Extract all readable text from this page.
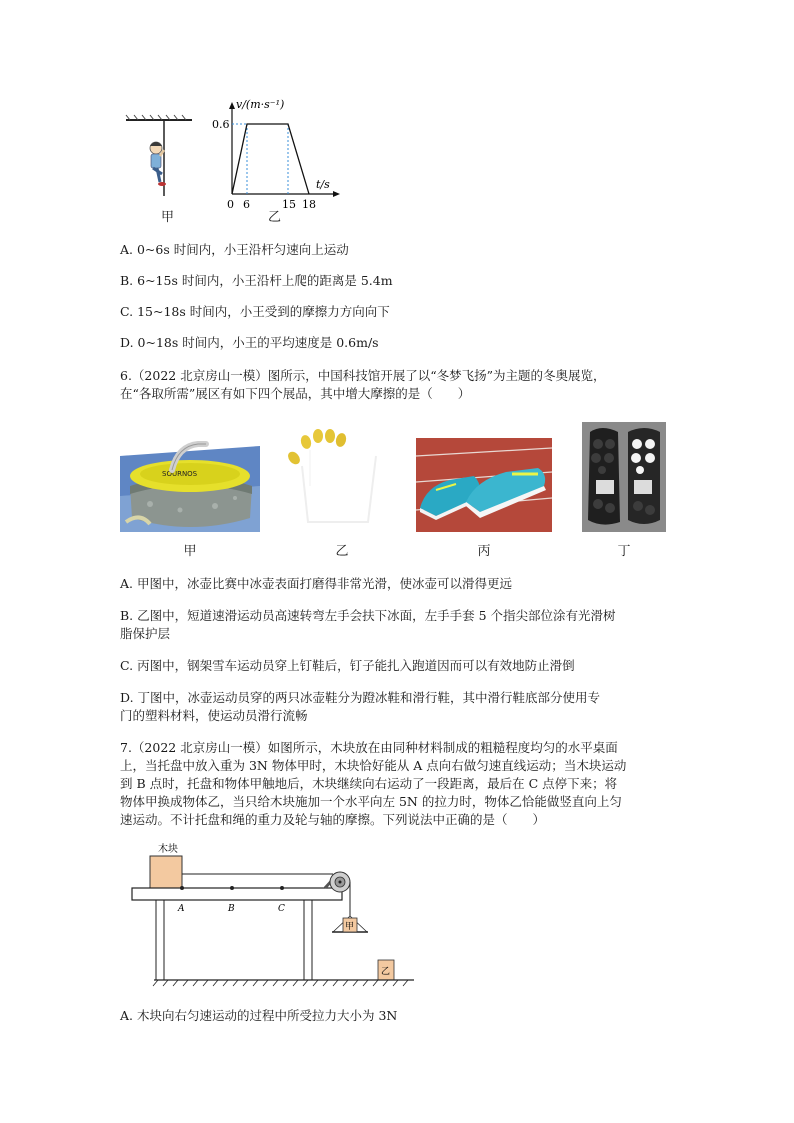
甲
v/(m·s⁻¹)
0.6
t/s
0 6	15 18
乙
A. 0~6s 时间内，小王沿杆匀速向上运动
B. 6~15s 时间内，小王沿杆上爬的距离是 5.4m
C. 15~18s 时间内，小王受到的摩擦力方向向下
D. 0~18s 时间内，小王的平均速度是 0.6m/s
6.（2022 北京房山一模）图所示，中国科技馆开展了以“冬梦飞扬”为主题的冬奥展览，
在“各取所需”展区有如下四个展品，其中增大摩擦的是（　　）
SOURNOS
甲	乙	丙	丁
A. 甲图中，冰壶比赛中冰壶表面打磨得非常光滑，使冰壶可以滑得更远
B. 乙图中，短道速滑运动员高速转弯左手会扶下冰面，左手手套 5 个指尖部位涂有光滑树
脂保护层
C. 丙图中，钢架雪车运动员穿上钉鞋后，钉子能扎入跑道因而可以有效地防止滑倒
D. 丁图中，冰壶运动员穿的两只冰壶鞋分为蹬冰鞋和滑行鞋，其中滑行鞋底部分使用专
门的塑料材料，使运动员滑行流畅
7.（2022 北京房山一模）如图所示，木块放在由同种材料制成的粗糙程度均匀的水平桌面
上，当托盘中放入重为 3N 物体甲时，木块恰好能从 A 点向右做匀速直线运动；当木块运动
到 B 点时，托盘和物体甲触地后，木块继续向右运动了一段距离，最后在 C 点停下来；将
物体甲换成物体乙，当只给木块施加一个水平向左 5N 的拉力时，物体乙恰能做竖直向上匀
速运动。不计托盘和绳的重力及轮与轴的摩擦。下列说法中正确的是（　　）
木块
A	B	C
甲
乙
A. 木块向右匀速运动的过程中所受拉力大小为 3N
